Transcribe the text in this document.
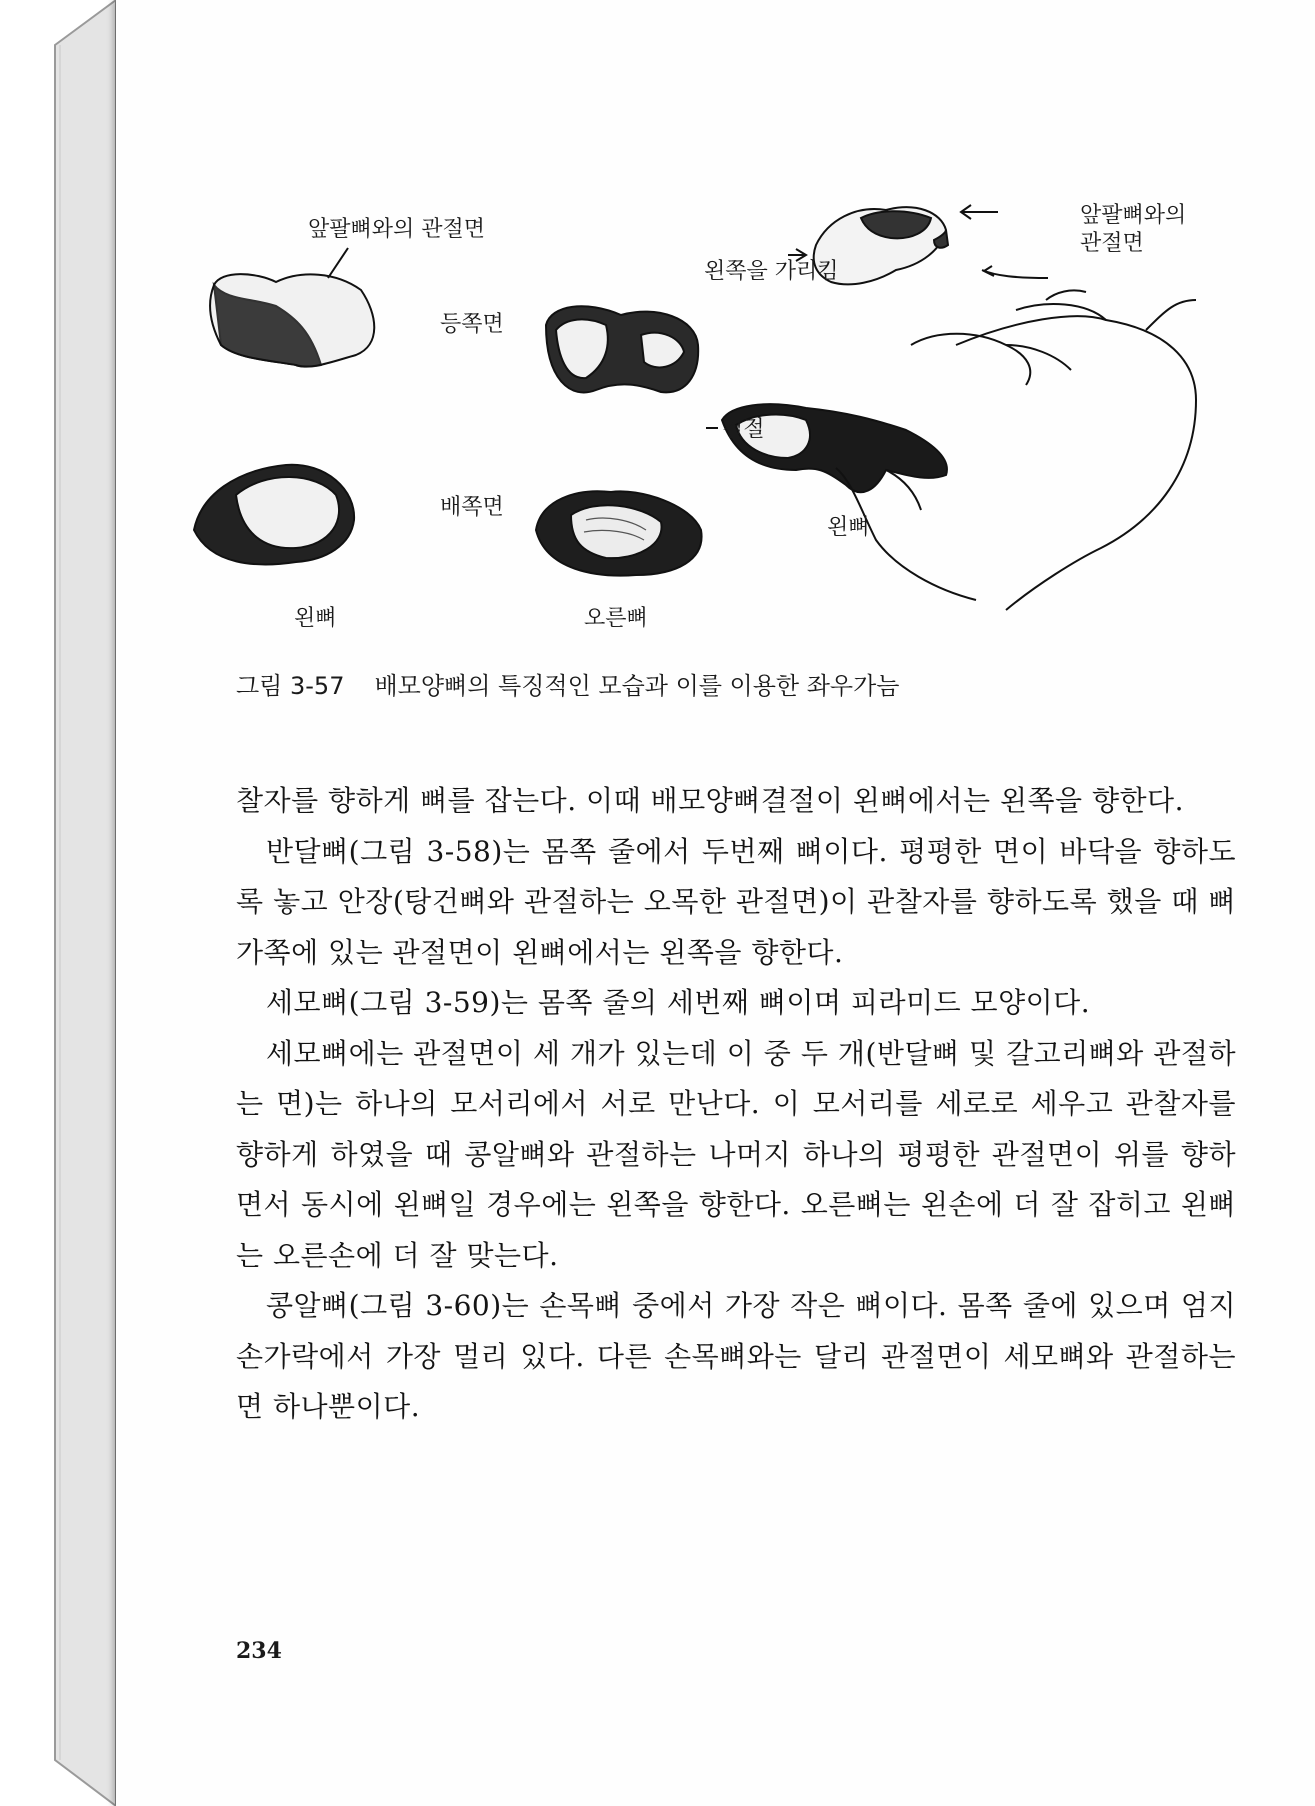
앞팔뼈와의 관절면
등쪽면
배쪽면
왼뼈	오른뼈
왼쪽을 가리킴
앞팔뼈와의
관절면
결절
왼뼈
그림 3-57 배모양뼈의 특징적인 모습과 이를 이용한 좌우가늠

찰자를 향하게 뼈를 잡는다. 이때 배모양뼈결절이 왼뼈에서는 왼쪽을 향한다.

반달뼈(그림 3-58)는 몸쪽 줄에서 두번째 뼈이다. 평평한 면이 바닥을 향하도록 놓고 안장(탕건뼈와 관절하는 오목한 관절면)이 관찰자를 향하도록 했을 때 뼈 가쪽에 있는 관절면이 왼뼈에서는 왼쪽을 향한다.

세모뼈(그림 3-59)는 몸쪽 줄의 세번째 뼈이며 피라미드 모양이다.

세모뼈에는 관절면이 세 개가 있는데 이 중 두 개(반달뼈 및 갈고리뼈와 관절하는 면)는 하나의 모서리에서 서로 만난다. 이 모서리를 세로로 세우고 관찰자를 향하게 하였을 때 콩알뼈와 관절하는 나머지 하나의 평평한 관절면이 위를 향하면서 동시에 왼뼈일 경우에는 왼쪽을 향한다. 오른뼈는 왼손에 더 잘 잡히고 왼뼈는 오른손에 더 잘 맞는다.

콩알뼈(그림 3-60)는 손목뼈 중에서 가장 작은 뼈이다. 몸쪽 줄에 있으며 엄지손가락에서 가장 멀리 있다. 다른 손목뼈와는 달리 관절면이 세모뼈와 관절하는 면 하나뿐이다.

234
